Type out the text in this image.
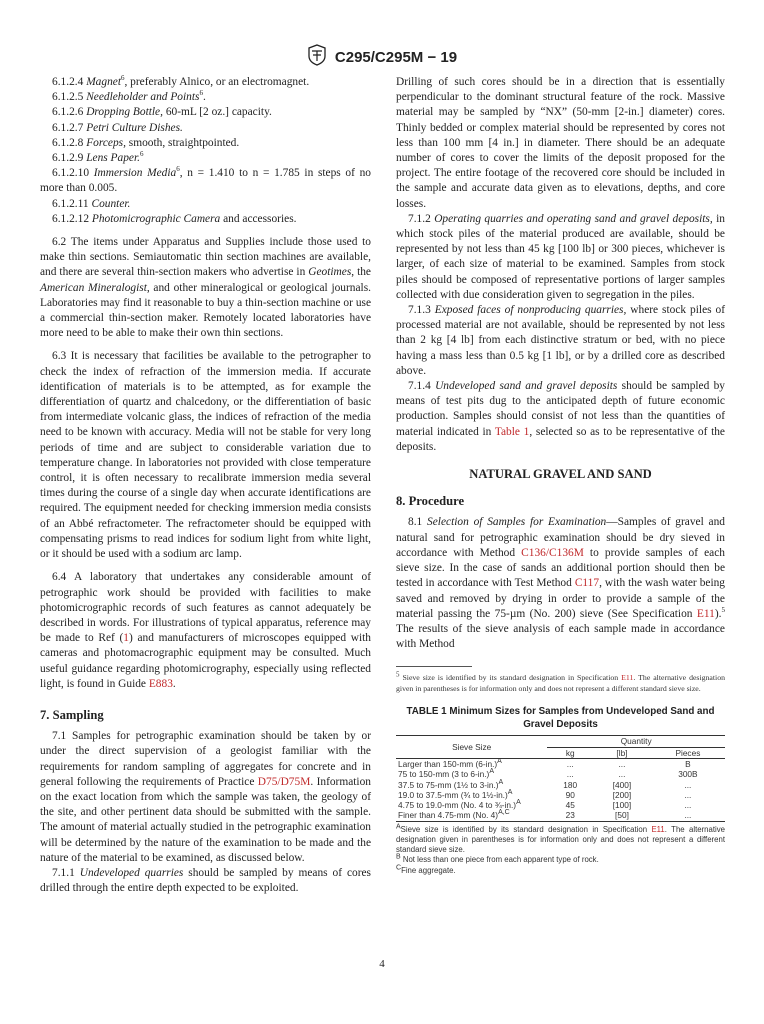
C295/C295M − 19

6.1.2.4 Magnet$^6$, preferably Alnico, or an electromagnet.

6.1.2.5 Needleholder and Points$^6$.

6.1.2.6 Dropping Bottle, 60-mL [2 oz.] capacity.

6.1.2.7 Petri Culture Dishes.

6.1.2.8 Forceps, smooth, straightpointed.

6.1.2.9 Lens Paper.$^6$

6.1.2.10 Immersion Media$^6$, n = 1.410 to n = 1.785 in steps of no more than 0.005.

6.1.2.11 Counter.

6.1.2.12 Photomicrographic Camera and accessories.

6.2 The items under Apparatus and Supplies include those used to make thin sections. Semiautomatic thin section machines are available, and there are several thin-section makers who advertise in Geotimes, the American Mineralogist, and other mineralogical or geological journals. Laboratories may find it reasonable to buy a thin-section machine or use a commercial thin-section maker. Remotely located laboratories have more need to be able to make their own thin sections.

6.3 It is necessary that facilities be available to the petrographer to check the index of refraction of the immersion media. If accurate identification of materials is to be attempted, as for example the differentiation of quartz and chalcedony, or the differentiation of basic from intermediate volcanic glass, the indices of refraction of the media need to be known with accuracy. Media will not be stable for very long periods of time and are subject to considerable variation due to temperature change. In laboratories not provided with close temperature control, it is often necessary to recalibrate immersion media several times during the course of a single day when accurate identifications are required. The equipment needed for checking immersion media consists of an Abbé refractometer. The refractometer should be equipped with compensating prisms to read indices for sodium light from white light, or it should be used with a sodium arc lamp.

6.4 A laboratory that undertakes any considerable amount of petrographic work should be provided with facilities to make photomicrographic records of such features as cannot adequately be described in words. For illustrations of typical apparatus, reference may be made to Ref (1) and manufacturers of microscopes equipped with cameras and photomacrographic equipment may be consulted. Much useful guidance regarding photomicrography, especially using reflected light, is found in Guide E883.

7. Sampling

7.1 Samples for petrographic examination should be taken by or under the direct supervision of a geologist familiar with the requirements for random sampling of aggregates for concrete and in general following the requirements of Practice D75/D75M. Information on the exact location from which the sample was taken, the geology of the site, and other pertinent data should be submitted with the sample. The amount of material actually studied in the petrographic examination will be determined by the nature of the examination to be made and the nature of the material to be examined, as discussed below.

7.1.1 Undeveloped quarries should be sampled by means of cores drilled through the entire depth expected to be exploited.

Drilling of such cores should be in a direction that is essentially perpendicular to the dominant structural feature of the rock. Massive material may be sampled by “NX” (50-mm [2-in.] diameter) cores. Thinly bedded or complex material should be represented by cores not less than 100 mm [4 in.] in diameter. There should be an adequate number of cores to cover the limits of the deposit proposed for the project. The entire footage of the recovered core should be included in the sample and accurate data given as to elevations, depths, and core losses.

7.1.2 Operating quarries and operating sand and gravel deposits, in which stock piles of the material produced are available, should be represented by not less than 45 kg [100 lb] or 300 pieces, whichever is larger, of each size of material to be examined. Samples from stock piles should be composed of representative portions of larger samples collected with due consideration given to segregation in the piles.

7.1.3 Exposed faces of nonproducing quarries, where stock piles of processed material are not available, should be represented by not less than 2 kg [4 lb] from each distinctive stratum or bed, with no piece having a mass less than 0.5 kg [1 lb], or by a drilled core as described above.

7.1.4 Undeveloped sand and gravel deposits should be sampled by means of test pits dug to the anticipated depth of future economic production. Samples should consist of not less than the quantities of material indicated in Table 1, selected so as to be representative of the deposits.

NATURAL GRAVEL AND SAND
8. Procedure

8.1 Selection of Samples for Examination—Samples of gravel and natural sand for petrographic examination should be dry sieved in accordance with Method C136/C136M to provide samples of each sieve size. In the case of sands an additional portion should then be tested in accordance with Test Method C117, with the wash water being saved and removed by drying in order to provide a sample of the material passing the 75-µm (No. 200) sieve (See Specification E11).$^5$ The results of the sieve analysis of each sample made in accordance with Method

$^5$ Sieve size is identified by its standard designation in Specification E11. The alternative designation given in parentheses is for information only and does not represent a different standard sieve size.

TABLE 1 Minimum Sizes for Samples from Undeveloped Sand and Gravel Deposits
Sieve Size	Quantity		
	kg	[lb]	Pieces
Larger than 150-mm $(6-in.)^A$	...	...	B
75 to 150-mm (3 to 6-in.)$^A$	...	...	300B
37.5 to 75-mm (1½ to 3-in.)$^A$	180	[400]	...
19.0 to 37.5-mm (¾ to 1½-in.)$^A$	90	[200]	...
4.75 to 19.0-mm (No. 4 to ¾-in.)$^A$	45	[100]	...
Finer than 4.75-mm (No. 4)$^{A,C}$	23	[50]	...

$^A$Sieve size is identified by its standard designation in Specification E11. The alternative designation given in parentheses is for information only and does not represent a different standard sieve size.

$^B$ Not less than one piece from each apparent type of rock.

$^C$Fine aggregate.

4
